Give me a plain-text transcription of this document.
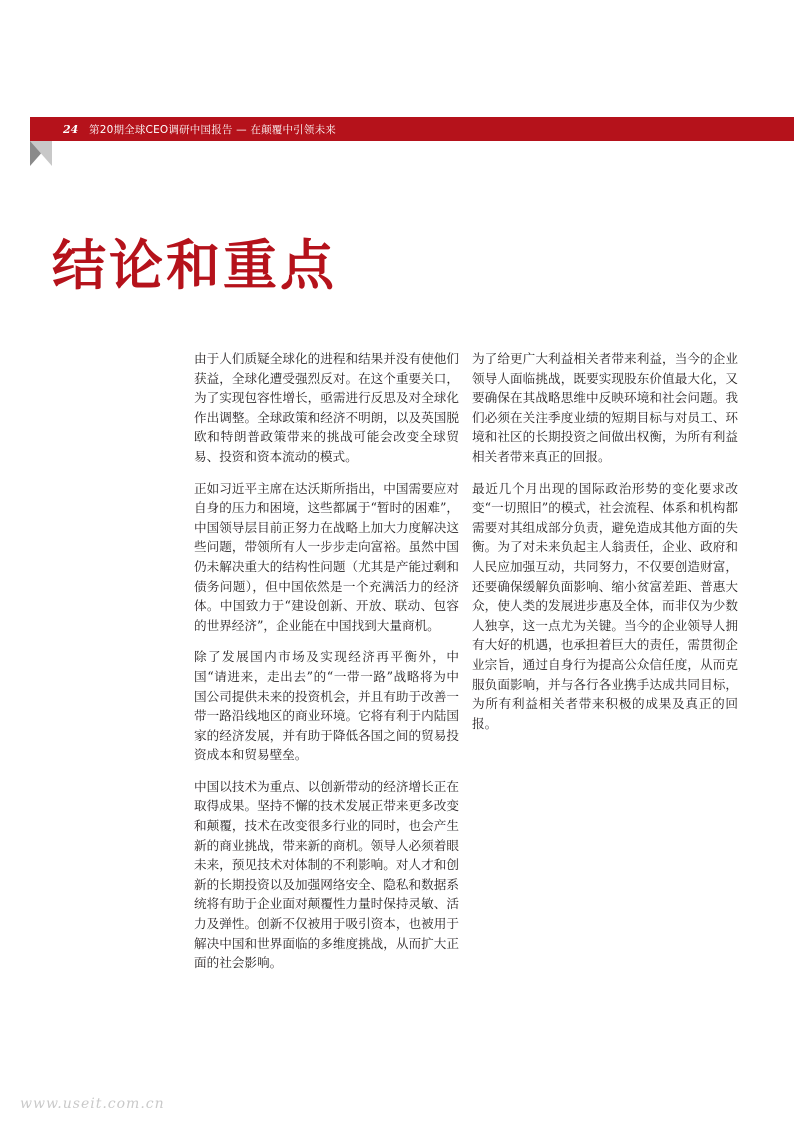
24	第20期全球CEO调研中国报告 — 在颠覆中引领未来
结论和重点

由于人们质疑全球化的进程和结果并没有使他们获益，全球化遭受强烈反对。在这个重要关口，为了实现包容性增长，亟需进行反思及对全球化作出调整。全球政策和经济不明朗，以及英国脱欧和特朗普政策带来的挑战可能会改变全球贸易、投资和资本流动的模式。

正如习近平主席在达沃斯所指出，中国需要应对自身的压力和困境，这些都属于“暂时的困难”，中国领导层目前正努力在战略上加大力度解决这些问题，带领所有人一步步走向富裕。虽然中国仍未解决重大的结构性问题（尤其是产能过剩和债务问题），但中国依然是一个充满活力的经济体。中国致力于“建设创新、开放、联动、包容的世界经济”，企业能在中国找到大量商机。

除了发展国内市场及实现经济再平衡外，中国“请进来，走出去”的“一带一路”战略将为中国公司提供未来的投资机会，并且有助于改善一带一路沿线地区的商业环境。它将有利于内陆国家的经济发展，并有助于降低各国之间的贸易投资成本和贸易壁垒。

中国以技术为重点、以创新带动的经济增长正在取得成果。坚持不懈的技术发展正带来更多改变和颠覆，技术在改变很多行业的同时，也会产生新的商业挑战，带来新的商机。领导人必须着眼未来，预见技术对体制的不利影响。对人才和创新的长期投资以及加强网络安全、隐私和数据系统将有助于企业面对颠覆性力量时保持灵敏、活力及弹性。创新不仅被用于吸引资本，也被用于解决中国和世界面临的多维度挑战，从而扩大正面的社会影响。

为了给更广大利益相关者带来利益，当今的企业领导人面临挑战，既要实现股东价值最大化，又要确保在其战略思维中反映环境和社会问题。我们必须在关注季度业绩的短期目标与对员工、环境和社区的长期投资之间做出权衡，为所有利益相关者带来真正的回报。

最近几个月出现的国际政治形势的变化要求改变“一切照旧”的模式，社会流程、体系和机构都需要对其组成部分负责，避免造成其他方面的失衡。为了对未来负起主人翁责任，企业、政府和人民应加强互动，共同努力，不仅要创造财富，还要确保缓解负面影响、缩小贫富差距、普惠大众，使人类的发展进步惠及全体，而非仅为少数人独享，这一点尤为关键。当今的企业领导人拥有大好的机遇，也承担着巨大的责任，需贯彻企业宗旨，通过自身行为提高公众信任度，从而克服负面影响，并与各行各业携手达成共同目标，为所有利益相关者带来积极的成果及真正的回报。

www.useit.com.cn
